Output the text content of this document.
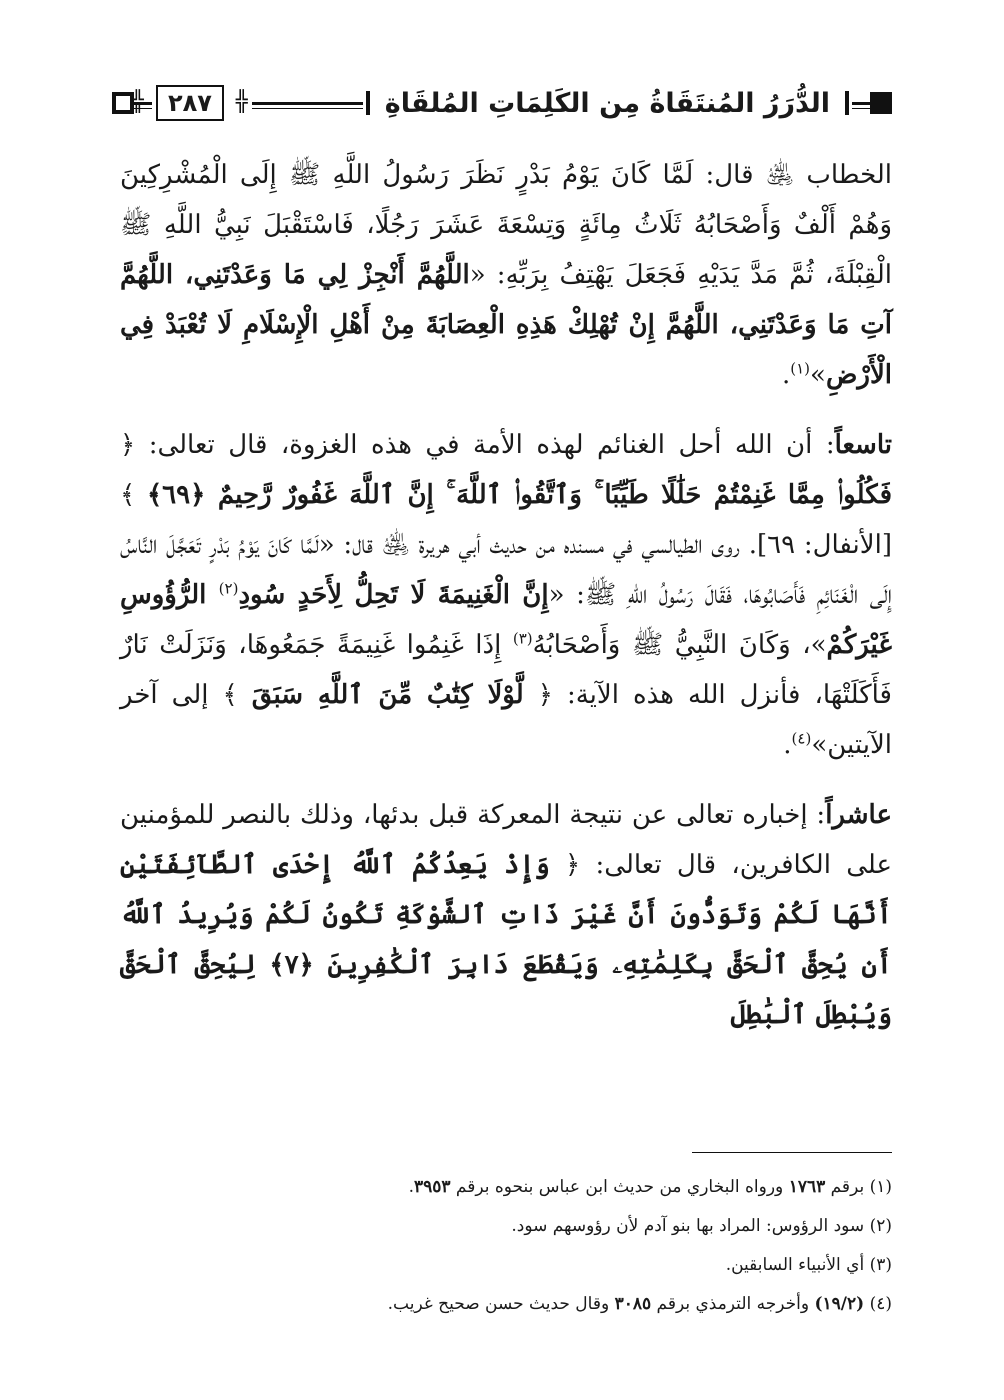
╬ ٢٨٧
╬	الدُّرَرُ المُنتَقَاةُ مِن الكَلِمَاتِ المُلقَاةِ

الخطاب ﵁ قال: لَمَّا كَانَ يَوْمُ بَدْرٍ نَظَرَ رَسُولُ اللَّهِ ﷺ إِلَى الْمُشْرِكِينَ وَهُمْ أَلْفٌ وَأَصْحَابُهُ ثَلَاثُ مِائَةٍ وَتِسْعَةَ عَشَرَ رَجُلًا، فَاسْتَقْبَلَ نَبِيُّ اللَّهِ ﷺ الْقِبْلَةَ، ثُمَّ مَدَّ يَدَيْهِ فَجَعَلَ يَهْتِفُ بِرَبِّهِ: «اللَّهُمَّ أَنْجِزْ لِي مَا وَعَدْتَنِي، اللَّهُمَّ آتِ مَا وَعَدْتَنِي، اللَّهُمَّ إِنْ تُهْلِكْ هَذِهِ الْعِصَابَةَ مِنْ أَهْلِ الْإِسْلَامِ لَا تُعْبَدْ فِي الْأَرْضِ»$^{(١)}$.

تاسعاً: أن الله أحل الغنائم لهذه الأمة في هذه الغزوة، قال تعالى: ﴿ فَكُلُوا۟ مِمَّا غَنِمْتُمْ حَلَٰلًا طَيِّبًا ۚ وَٱتَّقُوا۟ ٱللَّهَ ۚ إِنَّ ٱللَّهَ غَفُورٌ رَّحِيمٌ ﴿٦٩﴾ ﴾ [الأنفال: ٦٩]. روى الطيالسي في مسنده من حديث أبي هريرة ﵁ قال: «لَمَّا كَانَ يَوْمُ بَدْرٍ تَعَجَّلَ النَّاسُ إِلَى الْغَنَائِمِ فَأَصَابُوهَا، فَقَالَ رَسُولُ اللهِ ﷺ: «إِنَّ الْغَنِيمَةَ لَا تَحِلُّ لِأَحَدٍ سُودِ$^{(٢)}$ الرُّؤُوسِ غَيْرَكُمْ»، وَكَانَ النَّبِيُّ ﷺ وَأَصْحَابُهُ$^{(٣)}$ إِذَا غَنِمُوا غَنِيمَةً جَمَعُوهَا، وَنَزَلَتْ نَارٌ فَأَكَلَتْهَا، فأنزل الله هذه الآية: ﴿ لَّوْلَا كِتَٰبٌ مِّنَ ٱللَّهِ سَبَقَ ﴾ إلى آخر الآيتين»$^{(٤)}$.

عاشراً: إخباره تعالى عن نتيجة المعركة قبل بدئها، وذلك بالنصر للمؤمنين على الكافرين، قال تعالى: ﴿ وَإِذْ يَعِدُكُمُ ٱللَّهُ إِحْدَى ٱلطَّآئِفَتَيْنِ أَنَّهَا لَكُمْ وَتَوَدُّونَ أَنَّ غَيْرَ ذَاتِ ٱلشَّوْكَةِ تَكُونُ لَكُمْ وَيُرِيدُ ٱللَّهُ أَن يُحِقَّ ٱلْحَقَّ بِكَلِمَٰتِهِۦ وَيَقْطَعَ دَابِرَ ٱلْكَٰفِرِينَ ﴿٧﴾ لِيُحِقَّ ٱلْحَقَّ وَيُبْطِلَ ٱلْبَٰطِلَ

(١) برقم ١٧٦٣ ورواه البخاري من حديث ابن عباس بنحوه برقم ٣٩٥٣.

(٢) سود الرؤوس: المراد بها بنو آدم لأن رؤوسهم سود.

(٣) أي الأنبياء السابقين.

(٤) (١٩/٢) وأخرجه الترمذي برقم ٣٠٨٥ وقال حديث حسن صحيح غريب.
